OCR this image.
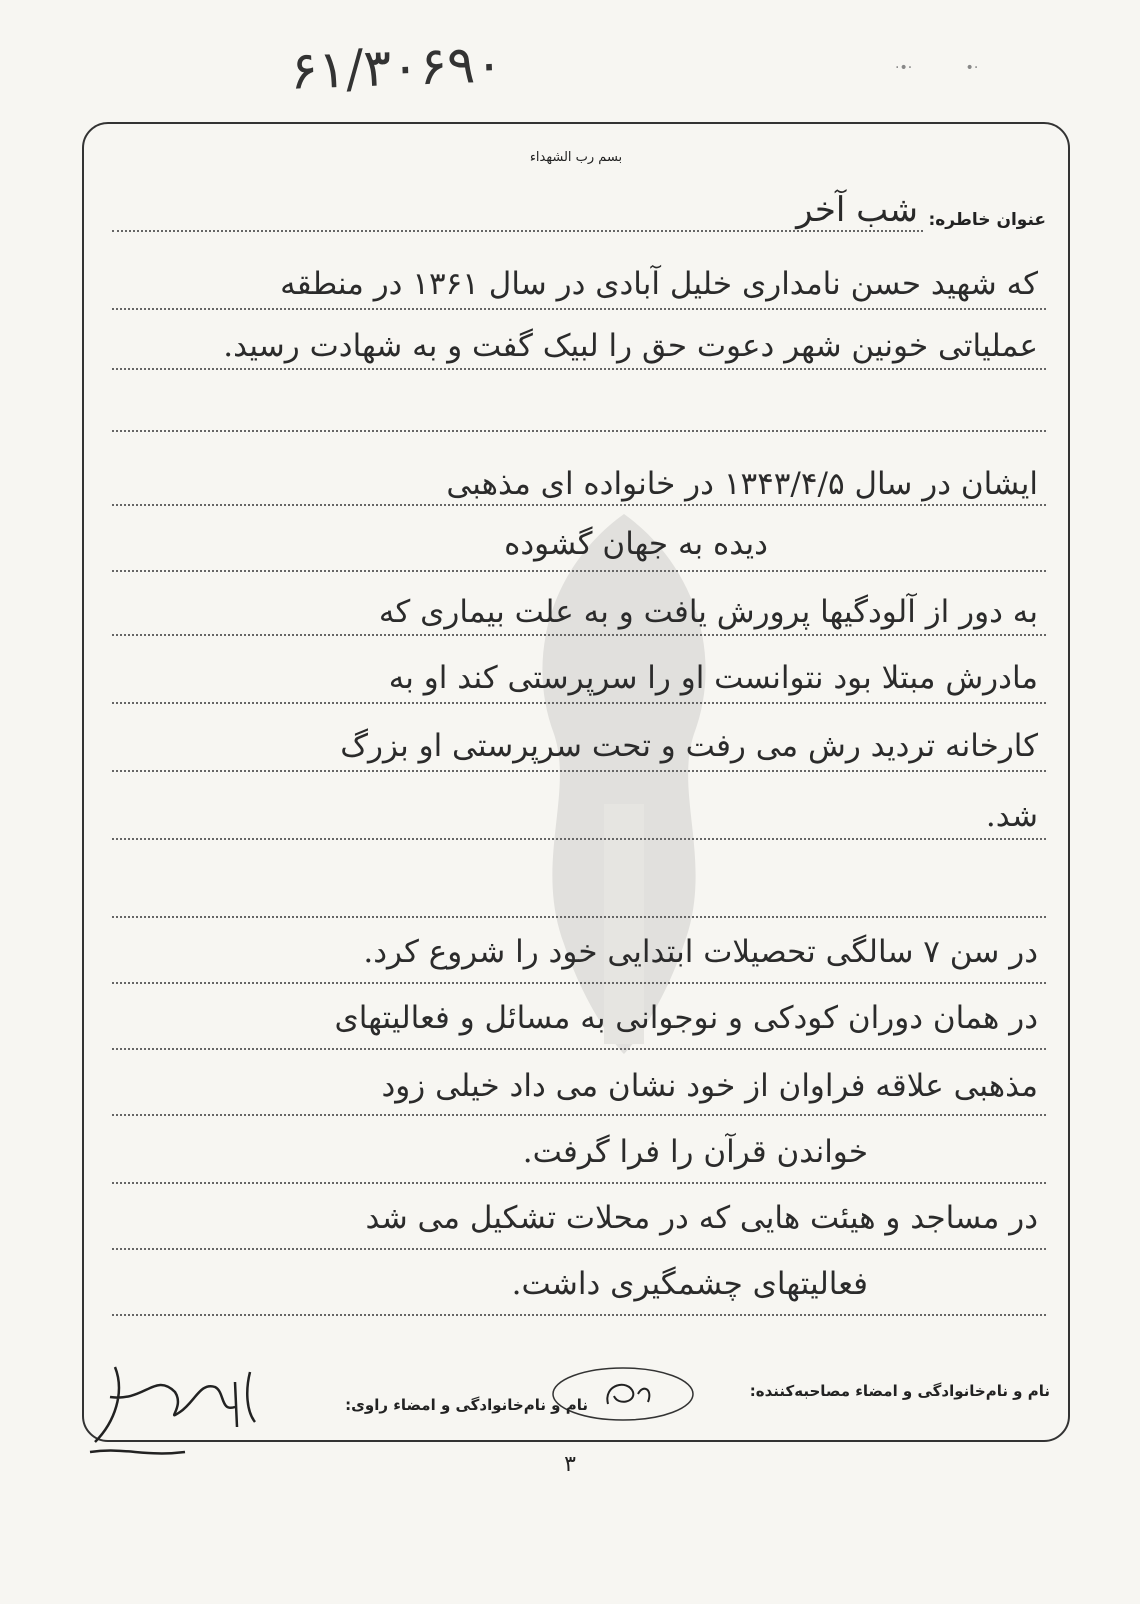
۶۱/۳۰۶۹۰	·•·            •·
بسم رب الشهداء
عنوان خاطره:
شب آخر
که شهید حسن نامداری خلیل آبادی در سال ۱۳۶۱ در منطقه
عملیاتی خونین شهر دعوت حق را لبیک گفت و به شهادت رسید.
ایشان در سال ۱۳۴۳/۴/۵ در خانواده ای مذهبی
دیده به جهان گشوده
به دور از آلودگیها پرورش یافت و به علت بیماری که
مادرش مبتلا بود نتوانست او را سرپرستی کند او به
کارخانه تردید رش می رفت و تحت سرپرستی او بزرگ
شد.
در سن ۷ سالگی تحصیلات ابتدایی خود را شروع کرد.
در همان دوران کودکی و نوجوانی به مسائل و فعالیتهای
مذهبی علاقه فراوان از خود نشان می داد خیلی زود
خواندن قرآن را فرا گرفت.
در مساجد و هیئت هایی که در محلات تشکیل می شد
فعالیتهای چشمگیری داشت.
نام و نام‌خانوادگی و امضاء مصاحبه‌کننده:
نام و نام‌خانوادگی و امضاء راوی:
۳
